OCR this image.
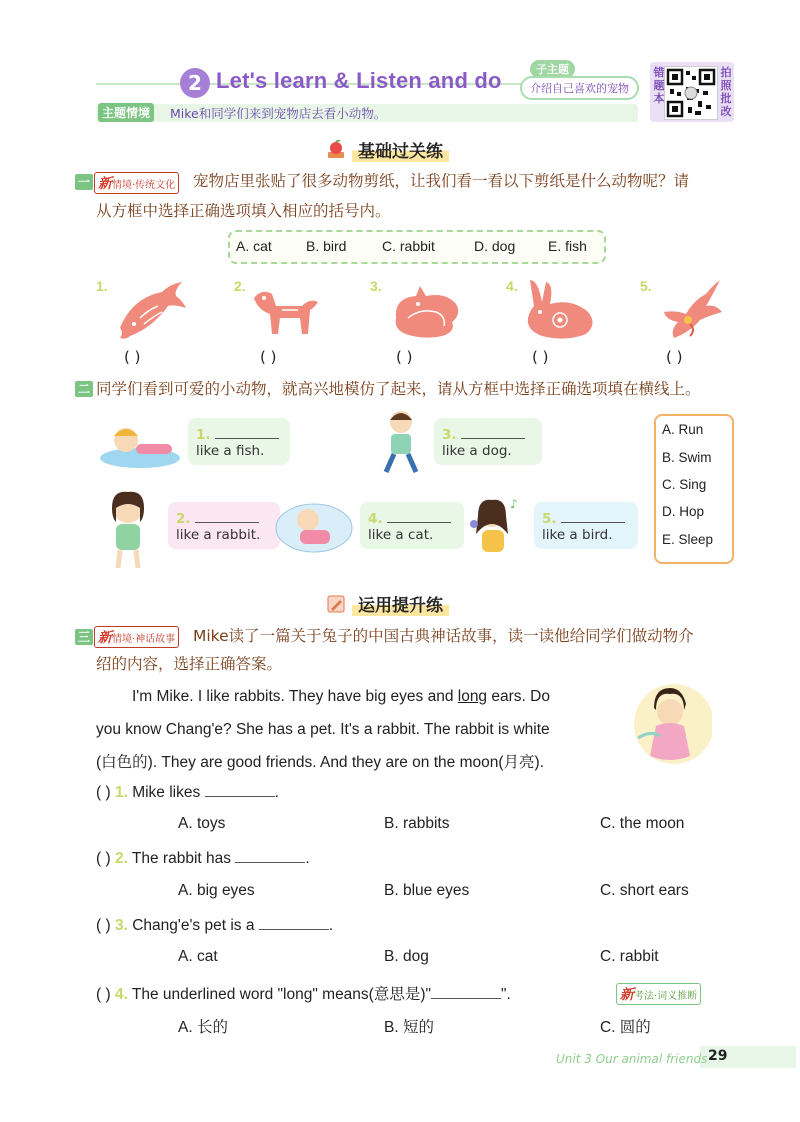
2 Let's learn & Listen and do
主题情境	Mike和同学们来到宠物店去看小动物。
子主题
介绍自己喜欢的宠物
错题本
拍照批改
基础过关练
一 新情境·传统文化 宠物店里张贴了很多动物剪纸，让我们看一看以下剪纸是什么动物呢？请
从方框中选择正确选项填入相应的括号内。
A. cat B. bird	C. rabbit	D. dog E. fish
1.
( )
2.
( )
3.
( )
4.
( )
5.
( )
二 同学们看到可爱的小动物，就高兴地模仿了起来，请从方框中选择正确选项填在横线上。
1.
like a fish.
3.
like a dog.
2.
like a rabbit.
4.
like a cat.
♪
5.
like a bird.
A. Run
B. Swim
C. Sing
D. Hop
E. Sleep
运用提升练
三 新情境·神话故事 Mike读了一篇关于兔子的中国古典神话故事，读一读他给同学们做动物介
绍的内容，选择正确答案。
I'm Mike. I like rabbits. They have big eyes and long ears. Do
you know Chang'e? She has a pet. It's a rabbit. The rabbit is white
(白色的). They are good friends. And they are on the moon(月亮).
( ) 1. Mike likes	.
A. toys	B. rabbits	C. the moon
( ) 2. The rabbit has	.
A. big eyes	B. blue eyes	C. short ears
( ) 3. Chang'e's pet is a	.
A. cat	B. dog	C. rabbit
( ) 4. The underlined word "long" means(意思是)"	".	新考法·词义推断
A. 长的	B. 短的	C. 圆的
Unit 3 Our animal friends 29
